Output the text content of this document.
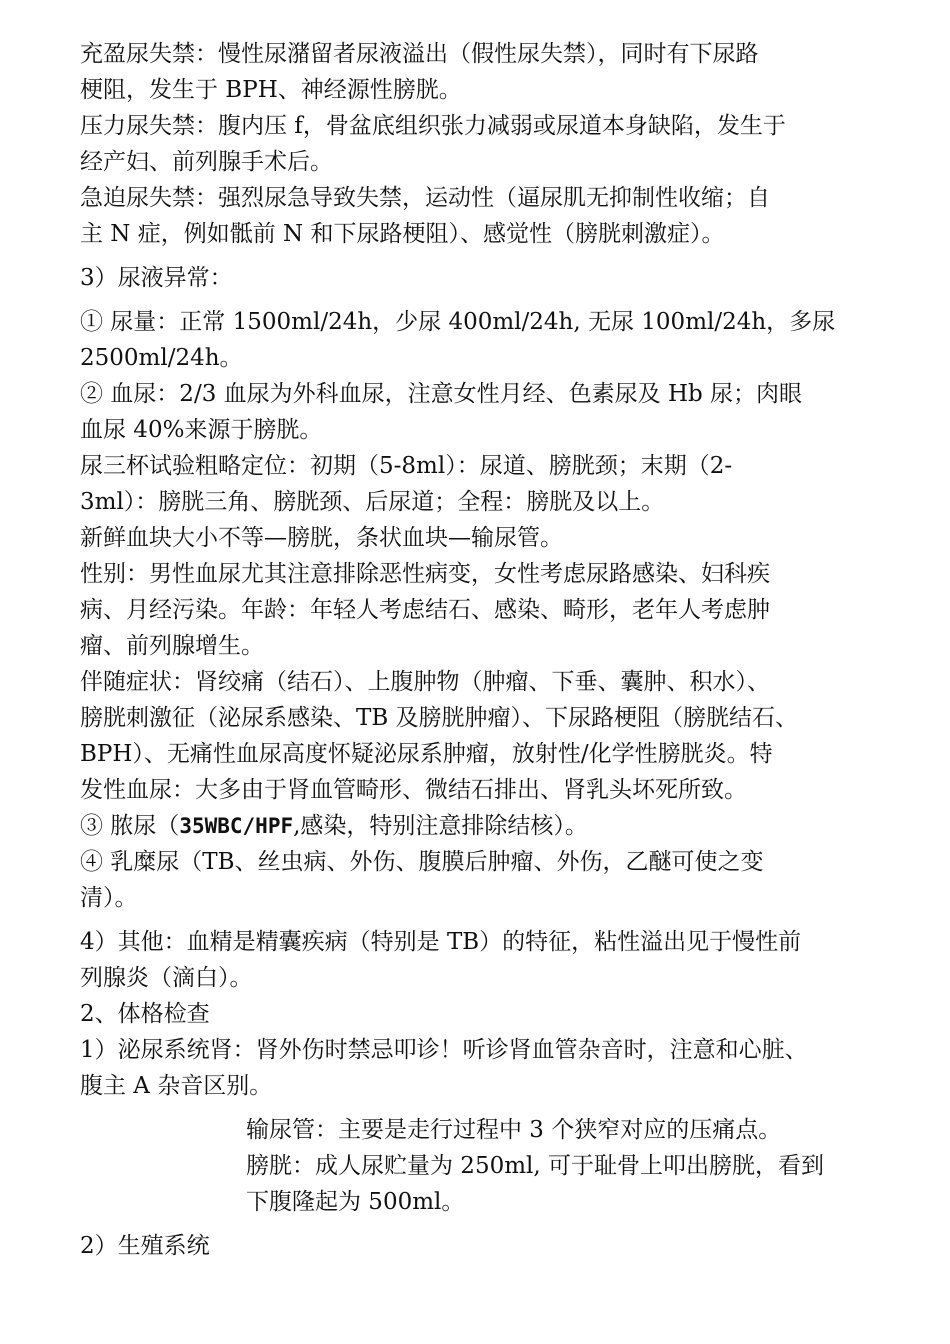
充盈尿失禁：慢性尿潴留者尿液溢出（假性尿失禁），同时有下尿路
梗阻，发生于 BPH、神经源性膀胱。
压力尿失禁：腹内压 f，骨盆底组织张力减弱或尿道本身缺陷，发生于
经产妇、前列腺手术后。
急迫尿失禁：强烈尿急导致失禁，运动性（逼尿肌无抑制性收缩；自
主 N 症，例如骶前 N 和下尿路梗阻）、感觉性（膀胱刺激症）。
3）尿液异常：
① 尿量：正常 1500ml/24h，少尿 400ml/24h, 无尿 100ml/24h，多尿
2500ml/24h。
② 血尿：2/3 血尿为外科血尿，注意女性月经、色素尿及 Hb 尿；肉眼
血尿 40%来源于膀胱。
尿三杯试验粗略定位：初期（5-8ml）：尿道、膀胱颈；末期（2-
3ml）：膀胱三角、膀胱颈、后尿道；全程：膀胱及以上。
新鲜血块大小不等—膀胱，条状血块—输尿管。
性别：男性血尿尤其注意排除恶性病变，女性考虑尿路感染、妇科疾
病、月经污染。年龄：年轻人考虑结石、感染、畸形，老年人考虑肿
瘤、前列腺增生。
伴随症状：肾绞痛（结石）、上腹肿物（肿瘤、下垂、囊肿、积水）、
膀胱刺激征（泌尿系感染、TB 及膀胱肿瘤）、下尿路梗阻（膀胱结石、
BPH）、无痛性血尿高度怀疑泌尿系肿瘤，放射性/化学性膀胱炎。特
发性血尿：大多由于肾血管畸形、微结石排出、肾乳头坏死所致。
③ 脓尿（35WBC/HPF,感染，特别注意排除结核）。
④ 乳糜尿（TB、丝虫病、外伤、腹膜后肿瘤、外伤，乙醚可使之变
清）。
4）其他：血精是精囊疾病（特别是 TB）的特征，粘性溢出见于慢性前
列腺炎（滴白）。
2、体格检查
1）泌尿系统肾：肾外伤时禁忌叩诊！听诊肾血管杂音时，注意和心脏、
腹主 A 杂音区别。
输尿管：主要是走行过程中 3 个狭窄对应的压痛点。
膀胱：成人尿贮量为 250ml, 可于耻骨上叩出膀胱，看到
下腹隆起为 500ml。
2）生殖系统
